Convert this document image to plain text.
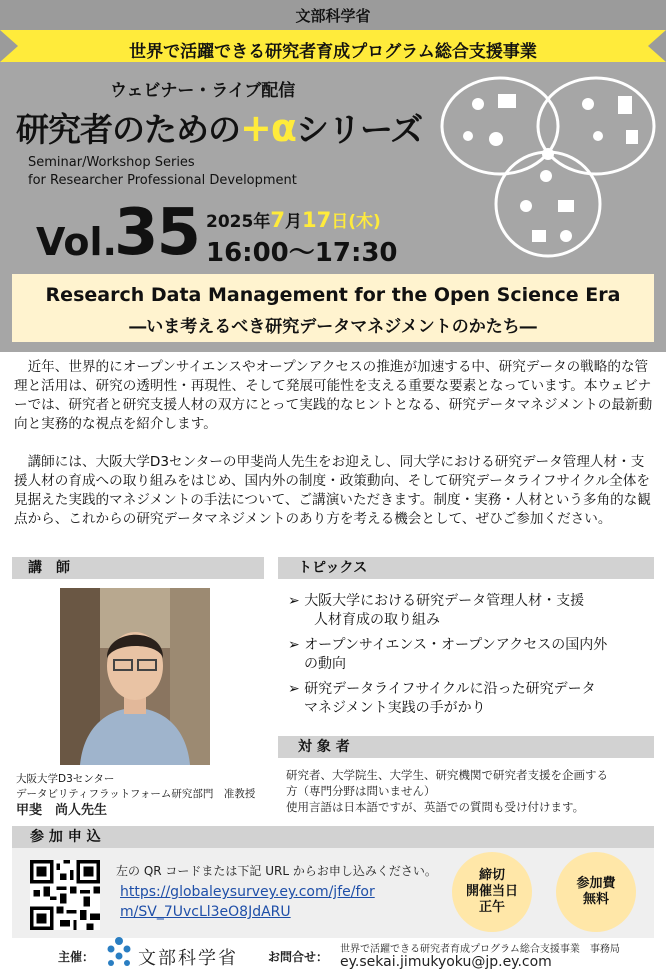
文部科学省
世界で活躍できる研究者育成プログラム総合支援事業
ウェビナー・ライブ配信
研究者のための+αシリーズ
Seminar/Workshop Series
for Researcher Professional Development
Vol.
35 2025年7月17日(木)
16:00〜17:30
Research Data Management for the Open Science Era
―いま考えるべき研究データマネジメントのかたち―
　近年、世界的にオープンサイエンスやオープンアクセスの推進が加速する中、研究データの戦略的な管理と活用は、研究の透明性・再現性、そして発展可能性を支える重要な要素となっています。本ウェビナーでは、研究者と研究支援人材の双方にとって実践的なヒントとなる、研究データマネジメントの最新動向と実務的な視点を紹介します。
　講師には、大阪大学D3センターの甲斐尚人先生をお迎えし、同大学における研究データ管理人材・支援人材の育成への取り組みをはじめ、国内外の制度・政策動向、そして研究データライフサイクル全体を見据えた実践的マネジメントの手法について、ご講演いただきます。制度・実務・人材という多角的な観点から、これからの研究データマネジメントのあり方を考える機会として、ぜひご参加ください。
講　師	トピックス
大阪大学D3センター
データビリティフラットフォーム研究部門　准教授
甲斐　尚人先生
➢ 大阪大学における研究データ管理人材・支援
人材育成の取り組み
➢ オープンサイエンス・オープンアクセスの国内外
の動向
➢ 研究データライフサイクルに沿った研究データ
マネジメント実践の手がかり
対 象 者
研究者、大学院生、大学生、研究機関で研究者支援を企画する
方（専門分野は問いません）
使用言語は日本語ですが、英語での質問も受け付けます。
参 加 申 込
左の QR コードまたは下記 URL からお申し込みください。
https://globaleysurvey.ey.com/jfe/for
m/SV_7UvcLl3eO8JdARU
締切
開催当日
正午
参加費
無料
主催： 文部科学省	お問合せ：
世界で活躍できる研究者育成プログラム総合支援事業　事務局
ey.sekai.jimukyoku@jp.ey.com
